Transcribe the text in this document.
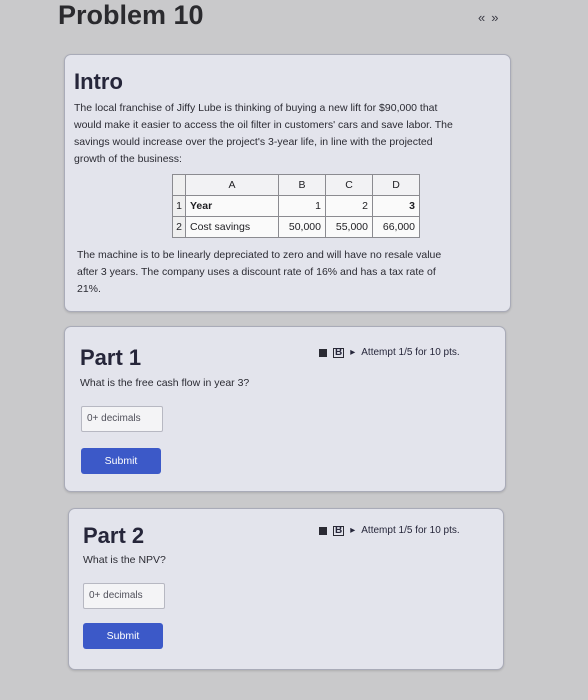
Problem 10	« »
Intro
The local franchise of Jiffy Lube is thinking of buying a new lift for $90,000 that
would make it easier to access the oil filter in customers' cars and save labor. The
savings would increase over the project's 3-year life, in line with the projected
growth of the business:
The machine is to be linearly depreciated to zero and will have no resale value
after 3 years. The company uses a discount rate of 16% and has a tax rate of
21%.
	A	B	C	D
1	Year	1	2	3
2	Cost savings	50,000	55,000	66,000
Part 1	B ▸ Attempt 1/5 for 10 pts.
What is the free cash flow in year 3?
0+ decimals
Submit
Part 2	B ▸ Attempt 1/5 for 10 pts.
What is the NPV?
0+ decimals
Submit
